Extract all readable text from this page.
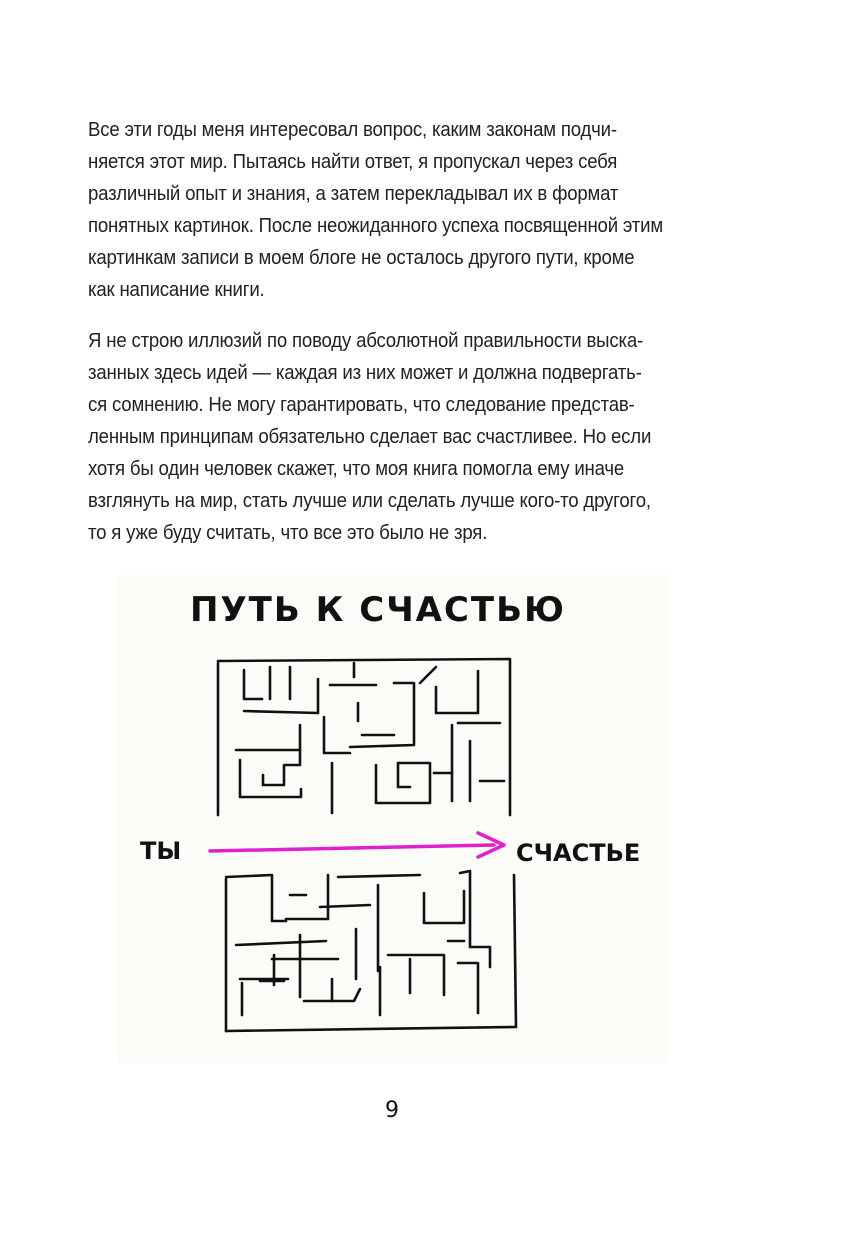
Все эти годы меня интересовал вопрос, каким законам подчи-
няется этот мир. Пытаясь найти ответ, я пропускал через себя
различный опыт и знания, а затем перекладывал их в формат
понятных картинок. После неожиданного успеха посвященной этим
картинкам записи в моем блоге не осталось другого пути, кроме
как написание книги.
Я не строю иллюзий по поводу абсолютной правильности выска-
занных здесь идей — каждая из них может и должна подвергать-
ся сомнению. Не могу гарантировать, что следование представ-
ленным принципам обязательно сделает вас счастливее. Но если
хотя бы один человек скажет, что моя книга помогла ему иначе
взглянуть на мир, стать лучше или сделать лучше кого-то другого,
то я уже буду считать, что все это было не зря.
ПУТЬ К СЧАСТЬЮ
ТЫ	СЧАСТЬЕ
9
